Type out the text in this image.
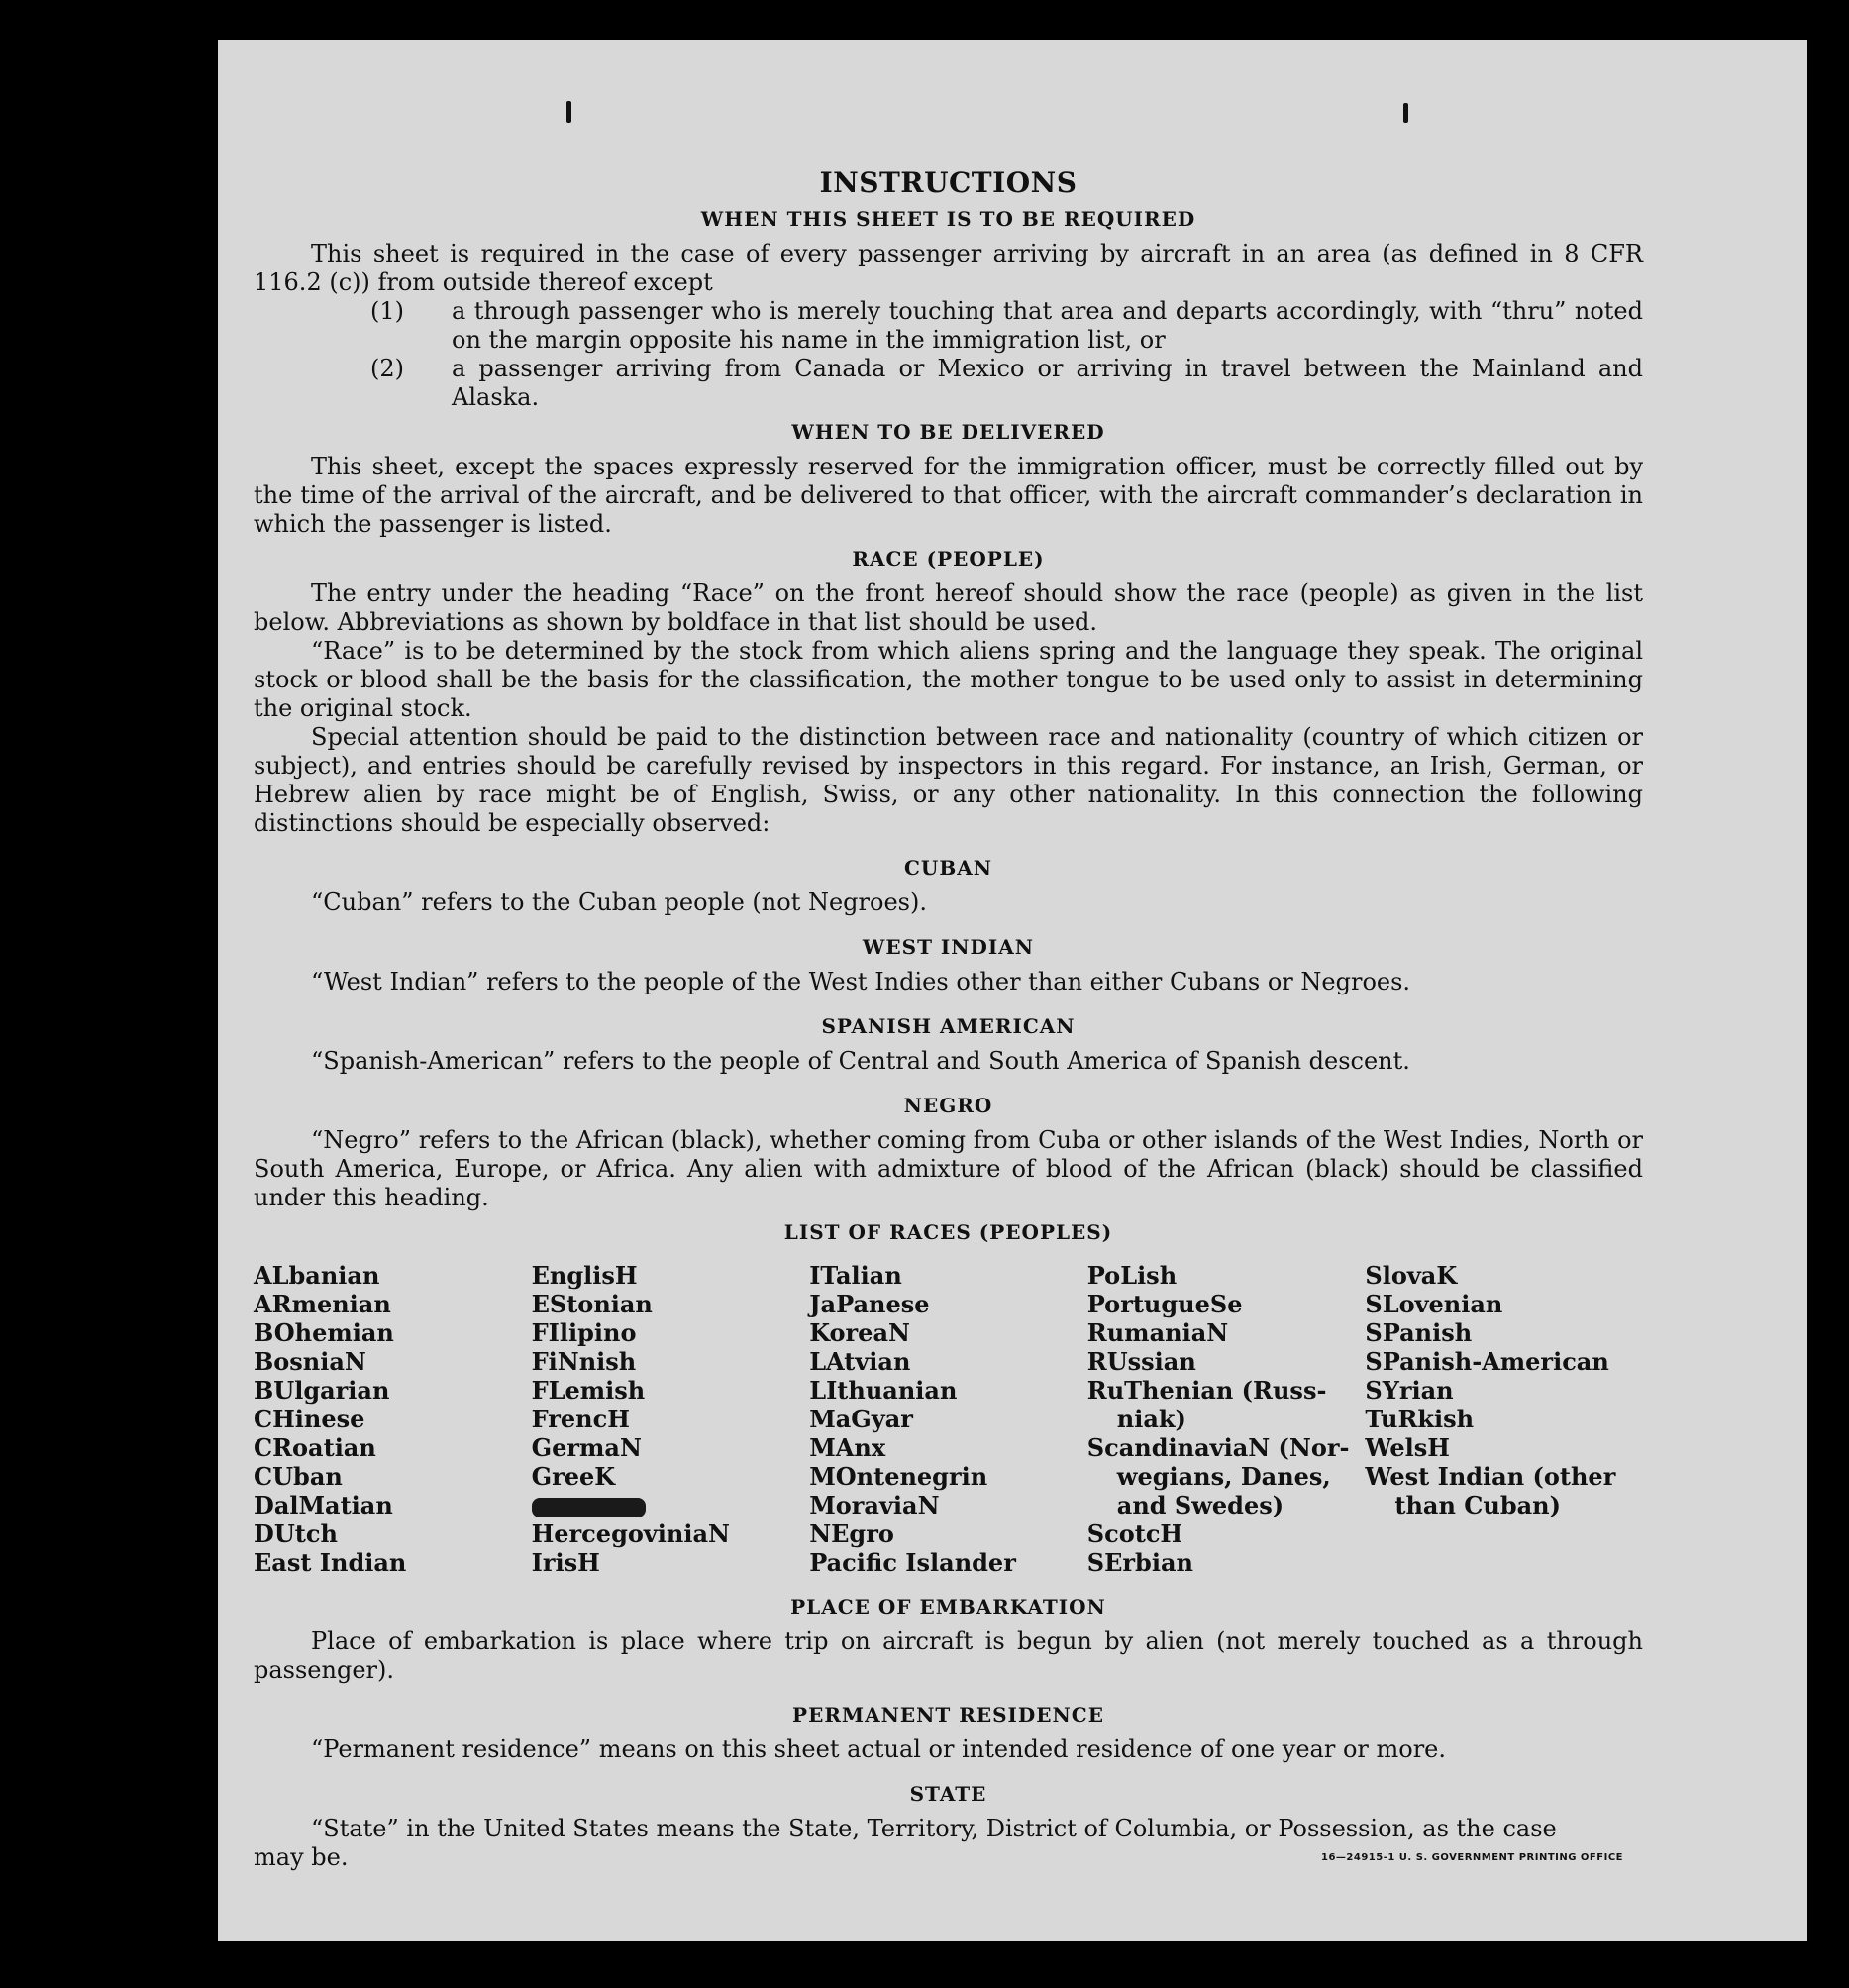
INSTRUCTIONS
WHEN THIS SHEET IS TO BE REQUIRED

This sheet is required in the case of every passenger arriving by aircraft in an area (as defined in 8 CFR 116.2 (c)) from outside thereof except

(1) a through passenger who is merely touching that area and departs accordingly, with “thru” noted on the margin opposite his name in the immigration list, or
(2) a passenger arriving from Canada or Mexico or arriving in travel between the Mainland and Alaska.
WHEN TO BE DELIVERED

This sheet, except the spaces expressly reserved for the immigration officer, must be correctly filled out by the time of the arrival of the aircraft, and be delivered to that officer, with the aircraft commander’s declaration in which the passenger is listed.

RACE (PEOPLE)

The entry under the heading “Race” on the front hereof should show the race (people) as given in the list below. Abbreviations as shown by boldface in that list should be used.

“Race” is to be determined by the stock from which aliens spring and the language they speak. The original stock or blood shall be the basis for the classification, the mother tongue to be used only to assist in determining the original stock.

Special attention should be paid to the distinction between race and nationality (country of which citizen or subject), and entries should be carefully revised by inspectors in this regard. For instance, an Irish, German, or Hebrew alien by race might be of English, Swiss, or any other nationality. In this connection the following distinctions should be especially observed:

CUBAN

“Cuban” refers to the Cuban people (not Negroes).

WEST INDIAN

“West Indian” refers to the people of the West Indies other than either Cubans or Negroes.

SPANISH AMERICAN

“Spanish-American” refers to the people of Central and South America of Spanish descent.

NEGRO

“Negro” refers to the African (black), whether coming from Cuba or other islands of the West Indies, North or South America, Europe, or Africa. Any alien with admixture of blood of the African (black) should be classified under this heading.

LIST OF RACES (PEOPLES)
ALbanian
ARmenian
BOhemian
BosniaN
BUlgarian
CHinese
CRoatian
CUban
DalMatian
DUtch
East Indian
EnglisH
EStonian
FIlipino
FiNnish
FLemish
FrencH
GermaN
GreeK
HercegoviniaN
IrisH
ITalian
JaPanese
KoreaN
LAtvian
LIthuanian
MaGyar
MAnx
MOntenegrin
MoraviaN
NEgro
Pacific Islander
PoLish
PortugueSe
RumaniaN
RUssian
RuThenian (Russ-
niak)
ScandinaviaN (Nor-
wegians, Danes,
and Swedes)
ScotcH
SErbian
SlovaK
SLovenian
SPanish
SPanish-American
SYrian
TuRkish
WelsH
West Indian (other
than Cuban)
PLACE OF EMBARKATION

Place of embarkation is place where trip on aircraft is begun by alien (not merely touched as a through passenger).

PERMANENT RESIDENCE

“Permanent residence” means on this sheet actual or intended residence of one year or more.

STATE

“State” in the United States means the State, Territory, District of Columbia, or Possession, as the case

may be.	16—24915-1 U. S. GOVERNMENT PRINTING OFFICE
